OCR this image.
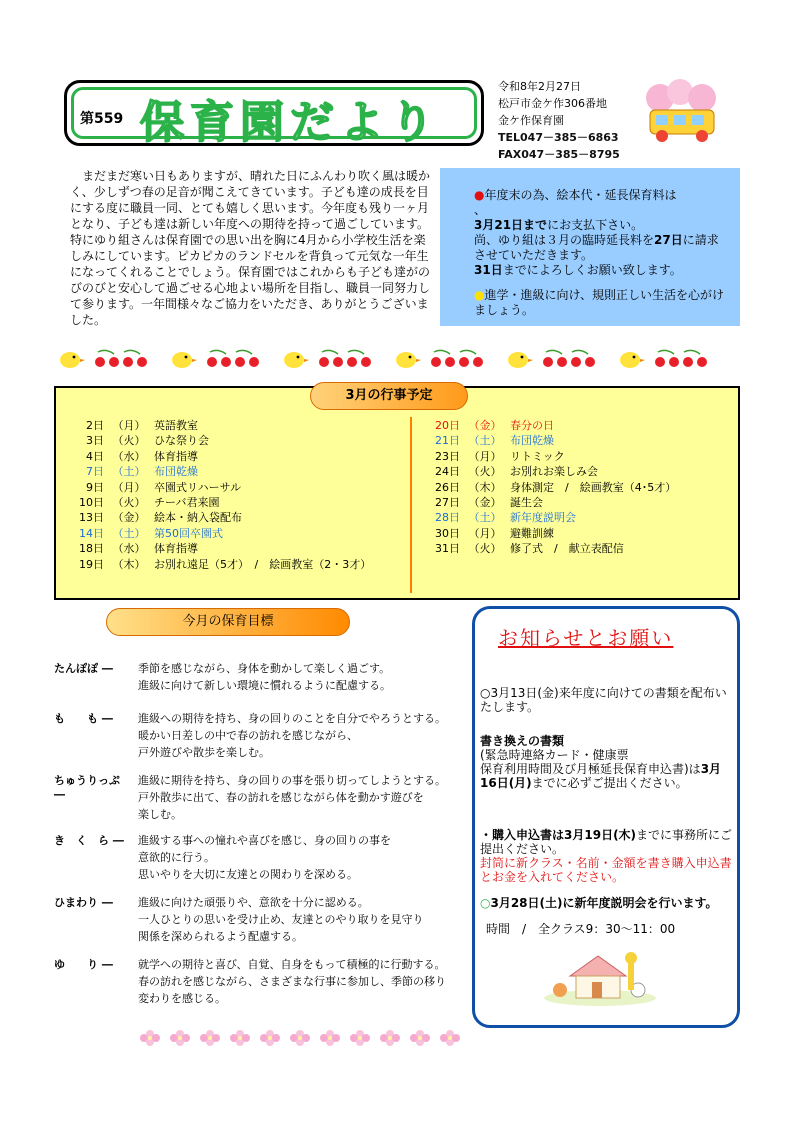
第559 保育園だより
令和8年2月27日
松戸市金ケ作306番地
金ケ作保育園
TEL047－385－6863
FAX047－385－8795
まだまだ寒い日もありますが、晴れた日にふんわり吹く風は暖かく、少しずつ春の足音が聞こえてきています。子ども達の成長を目にする度に職員一同、とても嬉しく思います。今年度も残り一ヶ月となり、子ども達は新しい年度への期待を持って過ごしています。特にゆり組さんは保育園での思い出を胸に4月から小学校生活を楽しみにしています。ピカピカのランドセルを背負って元気な一年生になってくれることでしょう。保育園ではこれからも子ども達がのびのびと安心して過ごせる心地よい場所を目指し、職員一同努力して参ります。一年間様々なご協力をいただき、ありがとうございました。
●年度末の為、絵本代・延長保育料は
、
3月21日までにお支払下さい。
尚、ゆり組は３月の臨時延長料を27日に請求させていただきます。
31日までによろしくお願い致します。
●進学・進級に向け、規則正しい生活を心がけましょう。
3月の行事予定
2日 （月） 英語教室
3日 （火） ひな祭り会
4日 （水） 体育指導
7日 （土） 布団乾燥
9日 （月） 卒園式リハーサル
10日 （火） チーバ君来園
13日 （金） 絵本・納入袋配布
14日 （土） 第50回卒園式
18日 （水） 体育指導
19日 （木） お別れ遠足（5才）　/　絵画教室（2・3才）
20日 （金） 春分の日
21日 （土） 布団乾燥
23日 （月） リトミック
24日 （火） お別れお楽しみ会
26日 （木） 身体測定　/　絵画教室（4･5才）
27日 （金） 誕生会
28日 （土） 新年度説明会
30日 （月） 避難訓練
31日 （火） 修了式　/　献立表配信
今月の保育目標
たんぽぽ ―	季節を感じながら、身体を動かして楽しく過ごす。
進級に向けて新しい環境に慣れるように配慮する。
も　　も ―	進級への期待を持ち、身の回りのことを自分でやろうとする。
暖かい日差しの中で春の訪れを感じながら、
戸外遊びや散歩を楽しむ。
ちゅうりっぷ ―
進級に期待を持ち、身の回りの事を張り切ってしようとする。
戸外散歩に出て、春の訪れを感じながら体を動かす遊びを
楽しむ。
き　く　ら ―	進級する事への憧れや喜びを感じ、身の回りの事を
意欲的に行う。
思いやりを大切に友達との関わりを深める。
ひまわり ―	進級に向けた頑張りや、意欲を十分に認める。
一人ひとりの思いを受け止め、友達とのやり取りを見守り
関係を深められるよう配慮する。
ゆ　　り ―	就学への期待と喜び、自覚、自身をもって積極的に行動する。
春の訪れを感じながら、さまざまな行事に参加し、季節の移り
変わりを感じる。
お知らせとお願い

○3月13日(金)来年度に向けての書類を配布いたします。

書き換えの書類
(緊急時連絡カード・健康票
保育利用時間及び月極延長保育申込書)は3月16日(月)までに必ずご提出ください。

・購入申込書は3月19日(木)までに事務所にご提出ください。
封筒に新クラス・名前・金額を書き購入申込書とお金を入れてください。

○3月28日(土)に新年度説明会を行います。

時間　/　全クラス9：30～11：00
